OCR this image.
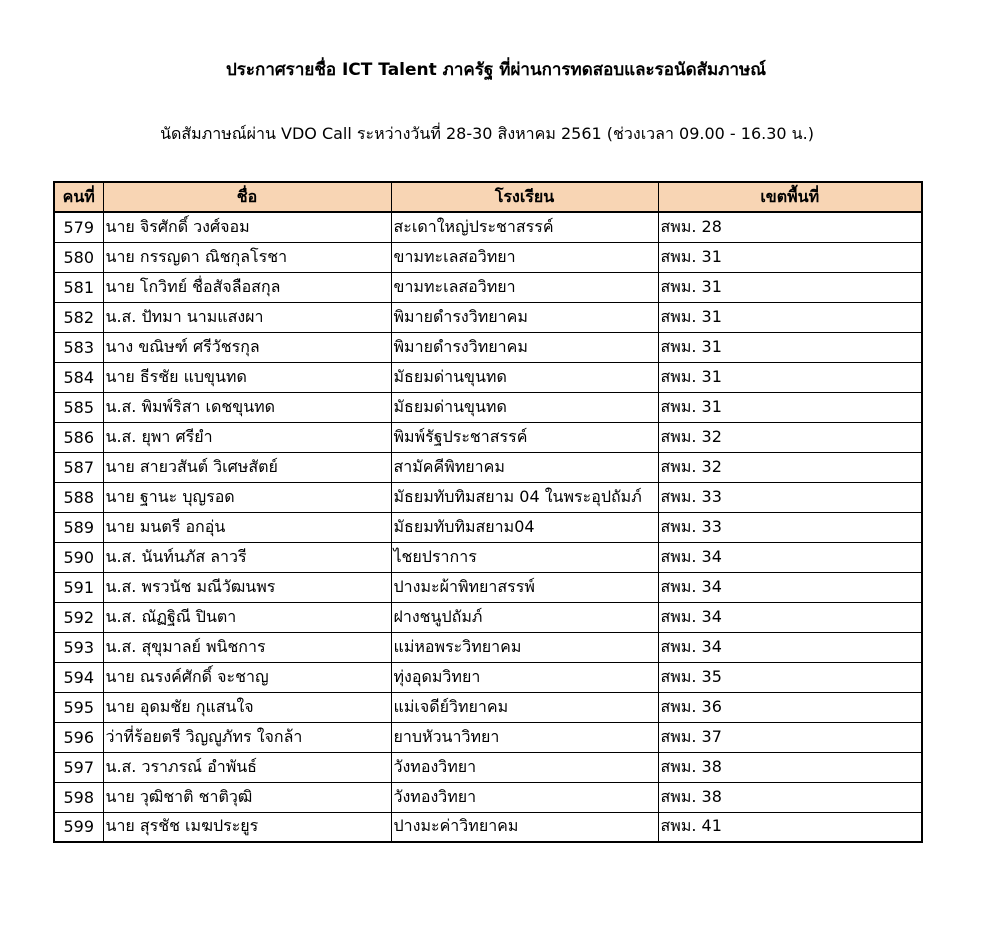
ประกาศรายชื่อ ICT Talent ภาครัฐ ที่ผ่านการทดสอบและรอนัดสัมภาษณ์
นัดสัมภาษณ์ผ่าน VDO Call ระหว่างวันที่ 28-30 สิงหาคม 2561 (ช่วงเวลา 09.00 - 16.30 น.)
คนที่	ชื่อ	โรงเรียน	เขตพื้นที่
579	นาย จิรศักดิ์ วงศ์จอม	สะเดาใหญ่ประชาสรรค์	สพม. 28
580	นาย กรรญดา ณิชกุลโรชา	ขามทะเลสอวิทยา	สพม. 31
581	นาย โกวิทย์ ชื่อสัจลือสกุล	ขามทะเลสอวิทยา	สพม. 31
582	น.ส. ปัทมา นามแสงผา	พิมายดำรงวิทยาคม	สพม. 31
583	นาง ขณิษฑ์ ศรีวัชรกุล	พิมายดำรงวิทยาคม	สพม. 31
584	นาย ธีรชัย แบขุนทด	มัธยมด่านขุนทด	สพม. 31
585	น.ส. พิมพ์ริสา เดชขุนทด	มัธยมด่านขุนทด	สพม. 31
586	น.ส. ยุพา ศรียำ	พิมพ์รัฐประชาสรรค์	สพม. 32
587	นาย สายวสันต์ วิเศษสัตย์	สามัคคีพิทยาคม	สพม. 32
588	นาย ฐานะ บุญรอด	มัธยมทับทิมสยาม 04 ในพระอุปถัมภ์	สพม. 33
589	นาย มนตรี อกอุ่น	มัธยมทับทิมสยาม04	สพม. 33
590	น.ส. นันท์นภัส ลาวรี	ไชยปราการ	สพม. 34
591	น.ส. พรวนัช มณีวัฒนพร	ปางมะผ้าพิทยาสรรพ์	สพม. 34
592	น.ส. ณัฏฐิณี ปินตา	ฝางชนูปถัมภ์	สพม. 34
593	น.ส. สุขุมาลย์ พนิชการ	แม่หอพระวิทยาคม	สพม. 34
594	นาย ณรงค์ศักดิ์ จะชาญ	ทุ่งอุดมวิทยา	สพม. 35
595	นาย อุดมชัย กุแสนใจ	แม่เจดีย์วิทยาคม	สพม. 36
596	ว่าที่ร้อยตรี วิญญูภัทร ใจกล้า	ยาบหัวนาวิทยา	สพม. 37
597	น.ส. วราภรณ์ อำพันธ์	วังทองวิทยา	สพม. 38
598	นาย วุฒิชาติ ชาติวุฒิ	วังทองวิทยา	สพม. 38
599	นาย สุรชัช เมฆประยูร	ปางมะค่าวิทยาคม	สพม. 41
